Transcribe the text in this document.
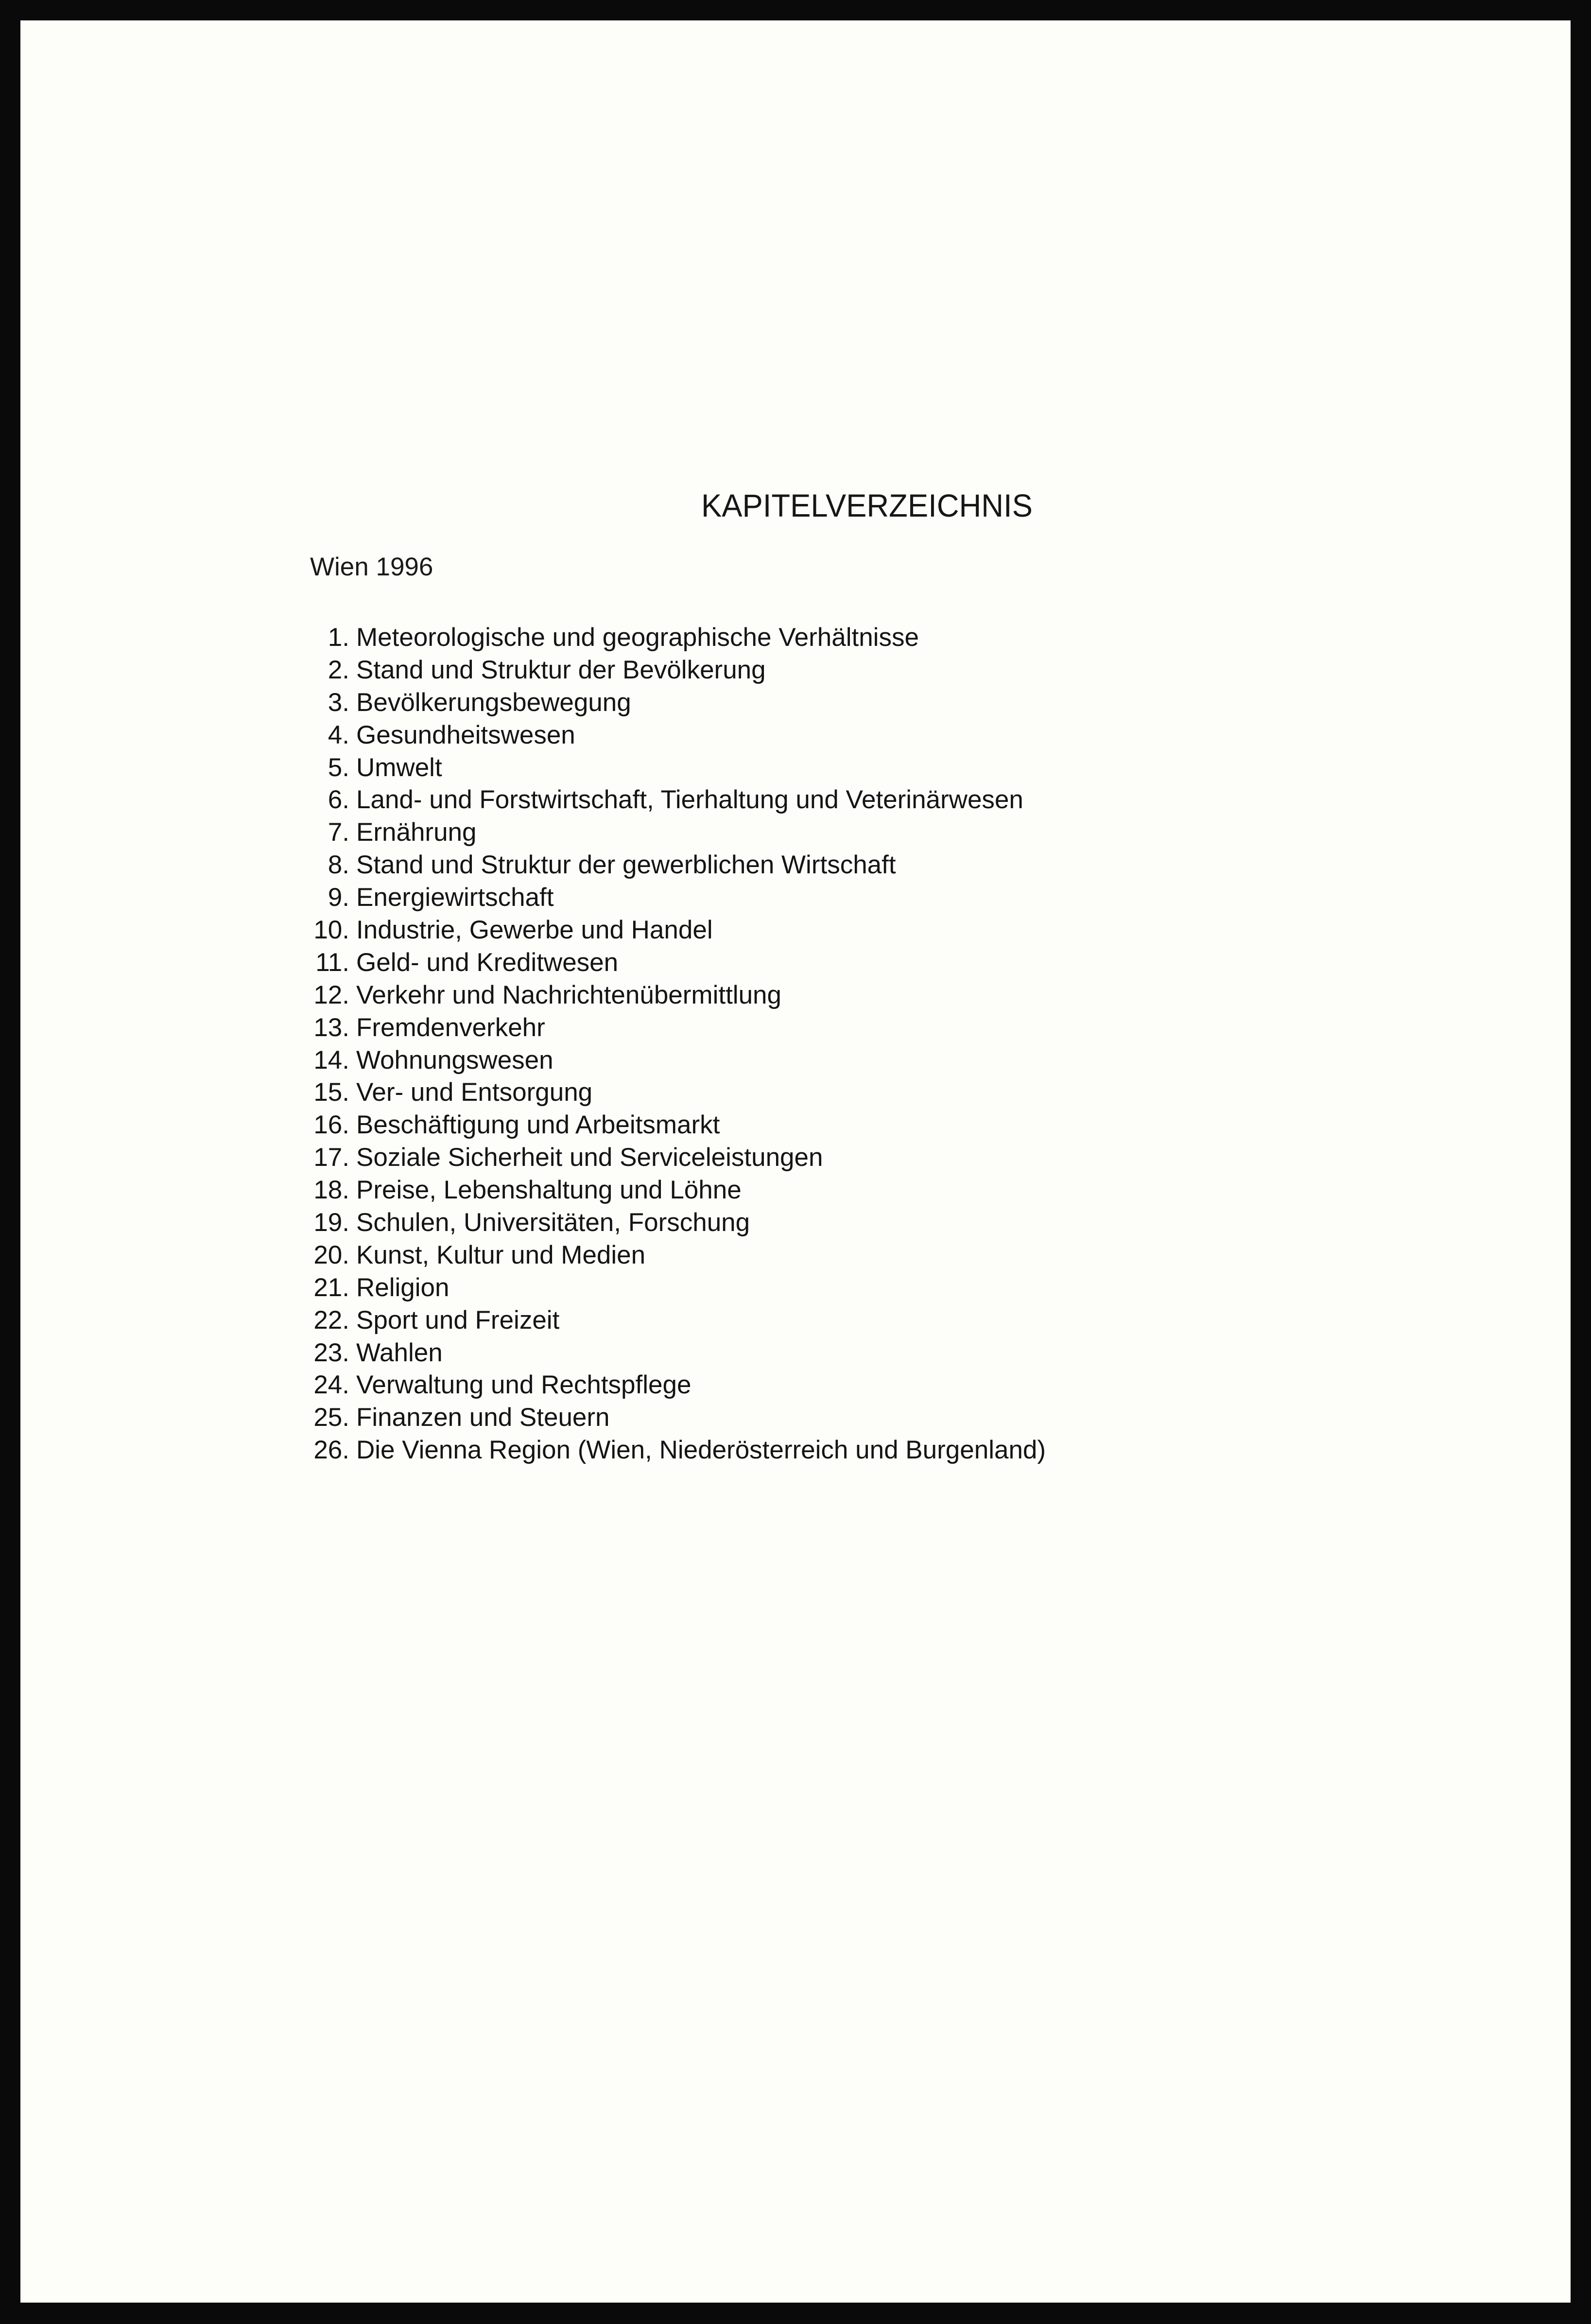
KAPITELVERZEICHNIS
Wien 1996
1. Meteorologische und geographische Verhältnisse
2. Stand und Struktur der Bevölkerung
3. Bevölkerungsbewegung
4. Gesundheitswesen
5. Umwelt
6. Land- und Forstwirtschaft, Tierhaltung und Veterinärwesen
7. Ernährung
8. Stand und Struktur der gewerblichen Wirtschaft
9. Energiewirtschaft
10. Industrie, Gewerbe und Handel
11. Geld- und Kreditwesen
12. Verkehr und Nachrichtenübermittlung
13. Fremdenverkehr
14. Wohnungswesen
15. Ver- und Entsorgung
16. Beschäftigung und Arbeitsmarkt
17. Soziale Sicherheit und Serviceleistungen
18. Preise, Lebenshaltung und Löhne
19. Schulen, Universitäten, Forschung
20. Kunst, Kultur und Medien
21. Religion
22. Sport und Freizeit
23. Wahlen
24. Verwaltung und Rechtspflege
25. Finanzen und Steuern
26. Die Vienna Region (Wien, Niederösterreich und Burgenland)
